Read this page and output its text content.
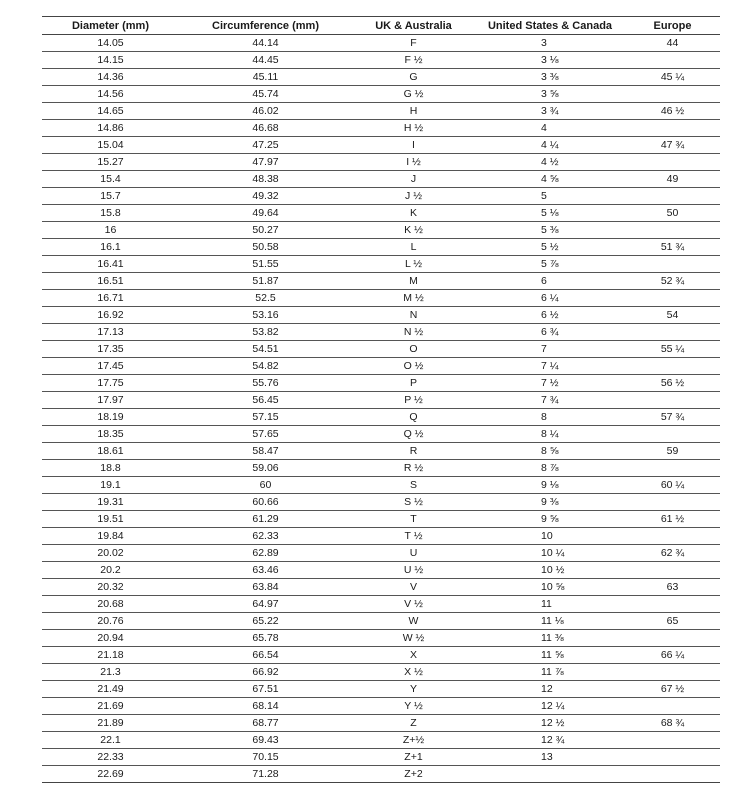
Diameter (mm)	Circumference (mm)	UK & Australia	United States & Canada	Europe
14.05	44.14	F	3	44
14.15	44.45	F ½	3 ⅛	
14.36	45.11	G	3 ⅜	45 ¼
14.56	45.74	G ½	3 ⅝	
14.65	46.02	H	3 ¾	46 ½
14.86	46.68	H ½	4	
15.04	47.25	I	4 ¼	47 ¾
15.27	47.97	I ½	4 ½	
15.4	48.38	J	4 ⅝	49
15.7	49.32	J ½	5	
15.8	49.64	K	5 ⅛	50
16	50.27	K ½	5 ⅜	
16.1	50.58	L	5 ½	51 ¾
16.41	51.55	L ½	5 ⅞	
16.51	51.87	M	6	52 ¾
16.71	52.5	M ½	6 ¼	
16.92	53.16	N	6 ½	54
17.13	53.82	N ½	6 ¾	
17.35	54.51	O	7	55 ¼
17.45	54.82	O ½	7 ¼	
17.75	55.76	P	7 ½	56 ½
17.97	56.45	P ½	7 ¾	
18.19	57.15	Q	8	57 ¾
18.35	57.65	Q ½	8 ¼	
18.61	58.47	R	8 ⅝	59
18.8	59.06	R ½	8 ⅞	
19.1	60	S	9 ⅛	60 ¼
19.31	60.66	S ½	9 ⅜	
19.51	61.29	T	9 ⅝	61 ½
19.84	62.33	T ½	10	
20.02	62.89	U	10 ¼	62 ¾
20.2	63.46	U ½	10 ½	
20.32	63.84	V	10 ⅝	63
20.68	64.97	V ½	11	
20.76	65.22	W	11 ⅛	65
20.94	65.78	W ½	11 ⅜	
21.18	66.54	X	11 ⅝	66 ¼
21.3	66.92	X ½	11 ⅞	
21.49	67.51	Y	12	67 ½
21.69	68.14	Y ½	12 ¼	
21.89	68.77	Z	12 ½	68 ¾
22.1	69.43	Z+½	12 ¾	
22.33	70.15	Z+1	13	
22.69	71.28	Z+2		
